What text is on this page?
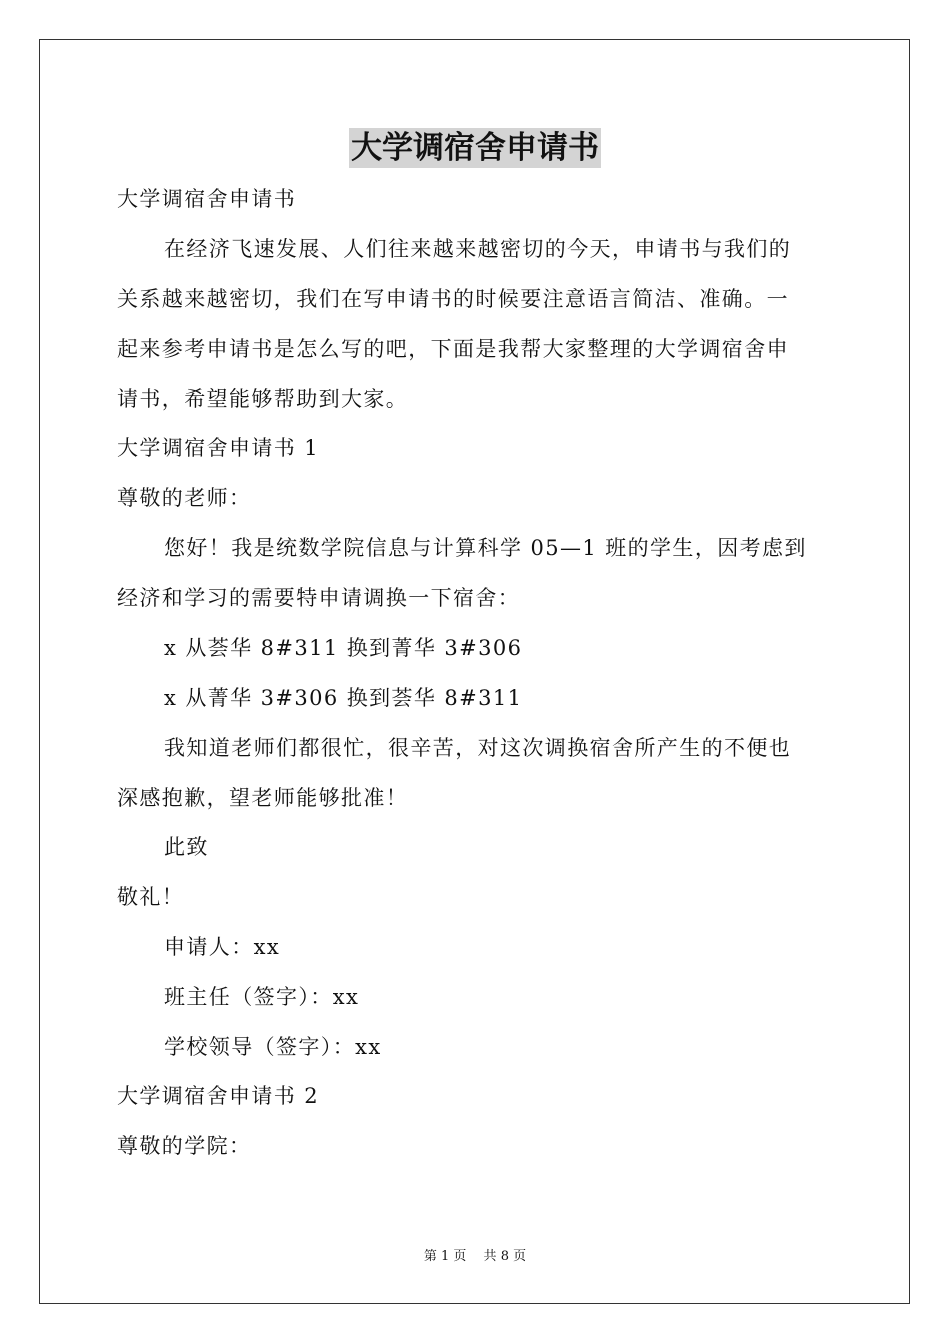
大学调宿舍申请书
大学调宿舍申请书
在经济飞速发展、人们往来越来越密切的今天，申请书与我们的
关系越来越密切，我们在写申请书的时候要注意语言简洁、准确。一
起来参考申请书是怎么写的吧，下面是我帮大家整理的大学调宿舍申
请书，希望能够帮助到大家。
大学调宿舍申请书 1
尊敬的老师：
您好！我是统数学院信息与计算科学 05—1 班的学生，因考虑到
经济和学习的需要特申请调换一下宿舍：
x 从荟华 8#311 换到菁华 3#306
x 从菁华 3#306 换到荟华 8#311
我知道老师们都很忙，很辛苦，对这次调换宿舍所产生的不便也
深感抱歉，望老师能够批准！
此致
敬礼！
申请人：xx
班主任（签字）：xx
学校领导（签字）：xx
大学调宿舍申请书 2
尊敬的学院：
第 1 页　 共 8 页
